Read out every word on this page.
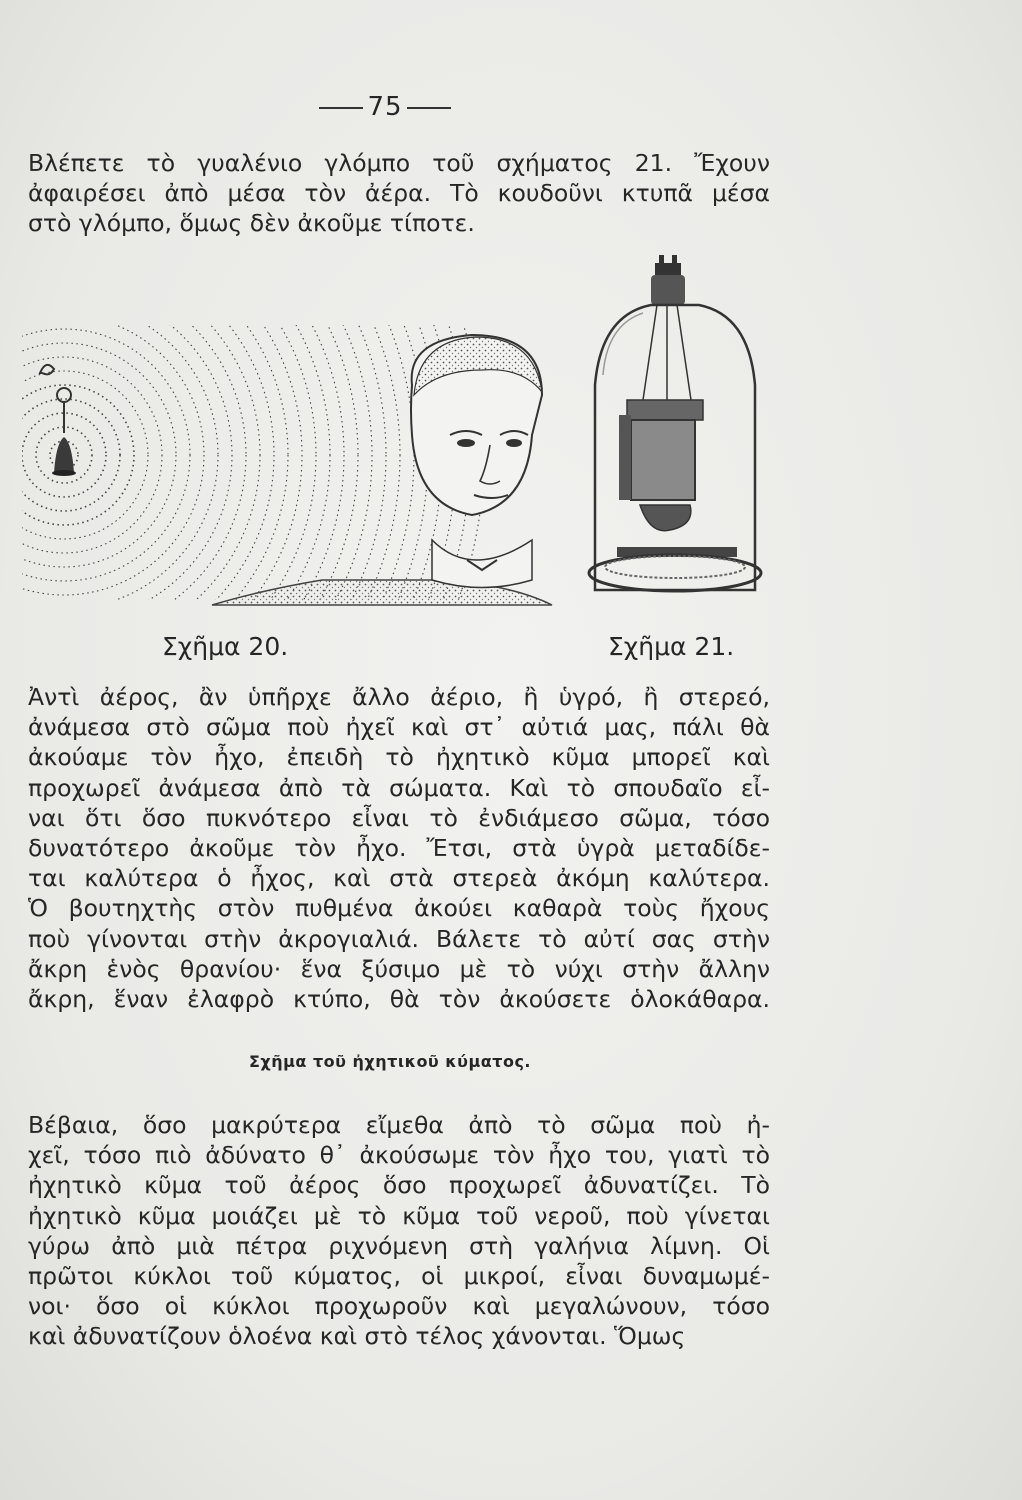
75
Βλέπετε τὸ γυαλένιο γλόμπο τοῦ σχήματος 21. Ἔχουν
ἀφαιρέσει ἀπὸ μέσα τὸν ἀέρα. Τὸ κουδοῦνι κτυπᾶ μέσα
στὸ γλόμπο, ὅμως δὲν ἀκοῦμε τίποτε.
Σχῆμα 20.	Σχῆμα 21.
Ἀντὶ ἀέρος, ἂν ὑπῆρχε ἄλλο ἀέριο, ἢ ὑγρό, ἢ στερεό,
ἀνάμεσα στὸ σῶμα ποὺ ἠχεῖ καὶ στ᾽ αὐτιά μας, πάλι θὰ
ἀκούαμε τὸν ἦχο, ἐπειδὴ τὸ ἠχητικὸ κῦμα μπορεῖ καὶ
προχωρεῖ ἀνάμεσα ἀπὸ τὰ σώματα. Καὶ τὸ σπουδαῖο εἶ-
ναι ὅτι ὅσο πυκνότερο εἶναι τὸ ἐνδιάμεσο σῶμα, τόσο
δυνατότερο ἀκοῦμε τὸν ἦχο. Ἔτσι, στὰ ὑγρὰ μεταδίδε-
ται καλύτερα ὁ ἦχος, καὶ στὰ στερεὰ ἀκόμη καλύτερα.
Ὁ βουτηχτὴς στὸν πυθμένα ἀκούει καθαρὰ τοὺς ἤχους
ποὺ γίνονται στὴν ἀκρογιαλιά. Βάλετε τὸ αὐτί σας στὴν
ἄκρη ἑνὸς θρανίου· ἕνα ξύσιμο μὲ τὸ νύχι στὴν ἄλλην
ἄκρη, ἕναν ἐλαφρὸ κτύπο, θὰ τὸν ἀκούσετε ὁλοκάθαρα.
Σχῆμα τοῦ ἠχητικοῦ κύματος.
Βέβαια, ὅσο μακρύτερα εἴμεθα ἀπὸ τὸ σῶμα ποὺ ἠ-
χεῖ, τόσο πιὸ ἀδύνατο θ᾽ ἀκούσωμε τὸν ἦχο του, γιατὶ τὸ
ἠχητικὸ κῦμα τοῦ ἀέρος ὅσο προχωρεῖ ἀδυνατίζει. Τὸ
ἠχητικὸ κῦμα μοιάζει μὲ τὸ κῦμα τοῦ νεροῦ, ποὺ γίνεται
γύρω ἀπὸ μιὰ πέτρα ριχνόμενη στὴ γαλήνια λίμνη. Οἱ
πρῶτοι κύκλοι τοῦ κύματος, οἱ μικροί, εἶναι δυναμωμέ-
νοι· ὅσο οἱ κύκλοι προχωροῦν καὶ μεγαλώνουν, τόσο
καὶ ἀδυνατίζουν ὁλοένα καὶ στὸ τέλος χάνονται. Ὅμως
